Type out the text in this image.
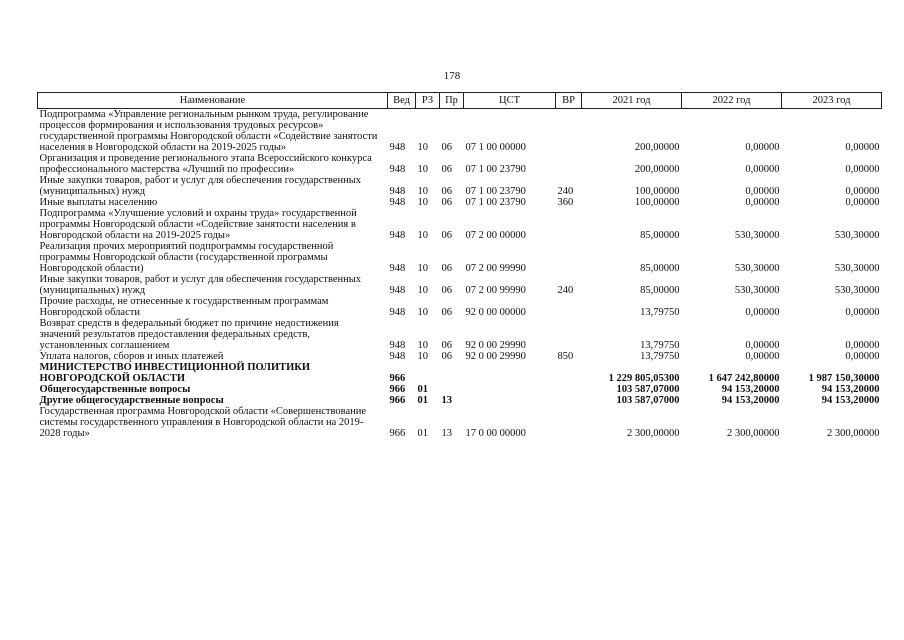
178
Наименование	Вед	РЗ	Пр	ЦСТ	ВР	2021 год	2022 год	2023 год
Подпрограмма «Управление региональным рынком труда, регулирование процессов формирования и использования трудовых ресурсов» государственной программы Новгородской области «Содействие занятости населения в Новгородской области на 2019-2025 годы»	948	10	06	07 1 00 00000		200,00000	0,00000	0,00000
Организация и проведение регионального этапа Всероссийского конкурса профессионального мастерства «Лучший по профессии»	948	10	06	07 1 00 23790		200,00000	0,00000	0,00000
Иные закупки товаров, работ и услуг для обеспечения государственных (муниципальных) нужд	948	10	06	07 1 00 23790	240	100,00000	0,00000	0,00000
Иные выплаты населению	948	10	06	07 1 00 23790	360	100,00000	0,00000	0,00000
Подпрограмма «Улучшение условий и охраны труда» государственной программы Новгородской области «Содействие занятости населения в Новгородской области на 2019-2025 годы»	948	10	06	07 2 00 00000		85,00000	530,30000	530,30000
Реализация прочих мероприятий подпрограммы государственной программы Новгородской области (государственной программы Новгородской области)	948	10	06	07 2 00 99990		85,00000	530,30000	530,30000
Иные закупки товаров, работ и услуг для обеспечения государственных (муниципальных) нужд	948	10	06	07 2 00 99990	240	85,00000	530,30000	530,30000
Прочие расходы, не отнесенные к государственным программам Новгородской области	948	10	06	92 0 00 00000		13,79750	0,00000	0,00000
Возврат средств в федеральный бюджет по причине недостижения значений результатов предоставления федеральных средств, установленных соглашением	948	10	06	92 0 00 29990		13,79750	0,00000	0,00000
Уплата налогов, сборов и иных платежей	948	10	06	92 0 00 29990	850	13,79750	0,00000	0,00000
МИНИСТЕРСТВО ИНВЕСТИЦИОННОЙ ПОЛИТИКИ НОВГОРОДСКОЙ ОБЛАСТИ	966					1 229 805,05300	1 647 242,80000	1 987 150,30000
Общегосударственные вопросы	966	01				103 587,07000	94 153,20000	94 153,20000
Другие общегосударственные вопросы	966	01	13			103 587,07000	94 153,20000	94 153,20000
Государственная программа Новгородской области «Совершенствование системы государственного управления в Новгородской области на 2019-2028 годы»	966	01	13	17 0 00 00000		2 300,00000	2 300,00000	2 300,00000
